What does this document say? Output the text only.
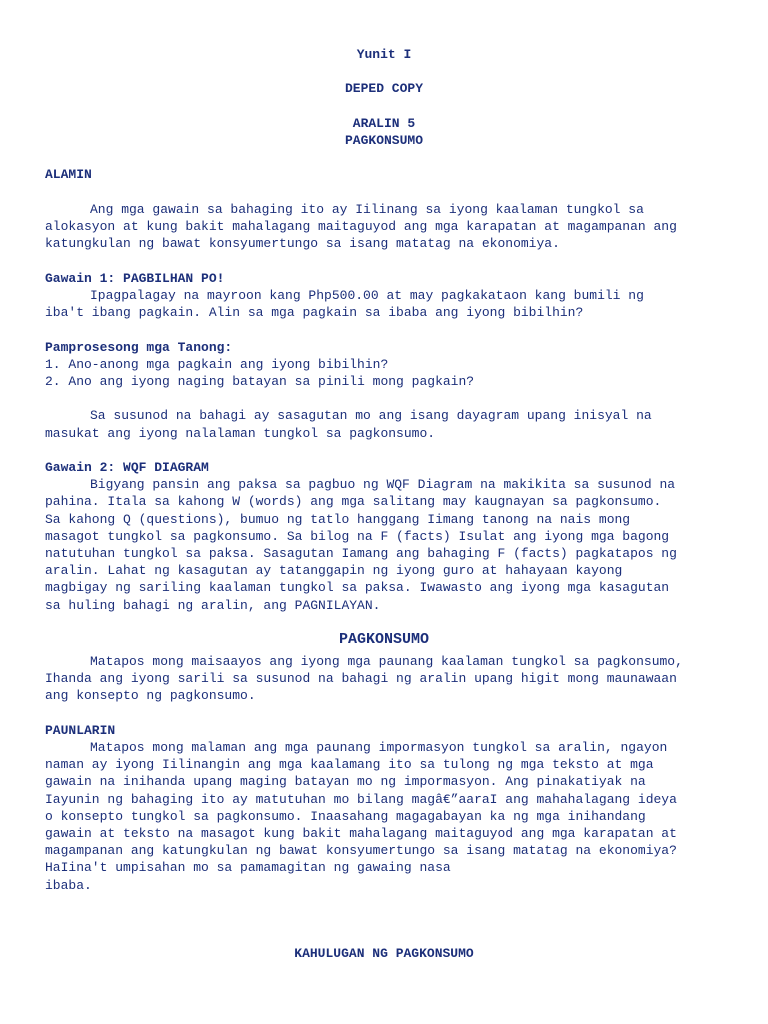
Yunit I
DEPED COPY
ARALIN 5
PAGKONSUMO
ALAMIN
Ang mga gawain sa bahaging ito ay Iilinang sa iyong kaalaman tungkol sa
alokasyon at kung bakit mahalagang maitaguyod ang mga karapatan at magampanan ang
katungkulan ng bawat konsyumertungo sa isang matatag na ekonomiya.
Gawain 1: PAGBILHAN PO!
Ipagpalagay na mayroon kang Php500.00 at may pagkakataon kang bumili ng
iba't ibang pagkain. Alin sa mga pagkain sa ibaba ang iyong bibilhin?
Pamprosesong mga Tanong:
1. Ano-anong mga pagkain ang iyong bibilhin?
2. Ano ang iyong naging batayan sa pinili mong pagkain?
Sa susunod na bahagi ay sasagutan mo ang isang dayagram upang inisyal na
masukat ang iyong nalalaman tungkol sa pagkonsumo.
Gawain 2: WQF DIAGRAM
Bigyang pansin ang paksa sa pagbuo ng WQF Diagram na makikita sa susunod na
pahina. Itala sa kahong W (words) ang mga salitang may kaugnayan sa pagkonsumo.
Sa kahong Q (questions), bumuo ng tatlo hanggang Iimang tanong na nais mong
masagot tungkol sa pagkonsumo. Sa bilog na F (facts) Isulat ang iyong mga bagong
natutuhan tungkol sa paksa. Sasagutan Iamang ang bahaging F (facts) pagkatapos ng
aralin. Lahat ng kasagutan ay tatanggapin ng iyong guro at hahayaan kayong
magbigay ng sariling kaalaman tungkol sa paksa. Iwawasto ang iyong mga kasagutan
sa huling bahagi ng aralin, ang PAGNILAYAN.
PAGKONSUMO
Matapos mong maisaayos ang iyong mga paunang kaalaman tungkol sa pagkonsumo,
Ihanda ang iyong sarili sa susunod na bahagi ng aralin upang higit mong maunawaan
ang konsepto ng pagkonsumo.
PAUNLARIN
Matapos mong malaman ang mga paunang impormasyon tungkol sa aralin, ngayon
naman ay iyong Iilinangin ang mga kaalamang ito sa tulong ng mga teksto at mga
gawain na inihanda upang maging batayan mo ng impormasyon. Ang pinakatiyak na
Iayunin ng bahaging ito ay matutuhan mo bilang magâ€”aaraI ang mahahalagang ideya
o konsepto tungkol sa pagkonsumo. Inaasahang magagabayan ka ng mga inihandang
gawain at teksto na masagot kung bakit mahalagang maitaguyod ang mga karapatan at
magampanan ang katungkulan ng bawat konsyumertungo sa isang matatag na ekonomiya?
HaIina't umpisahan mo sa pamamagitan ng gawaing nasa
ibaba.
KAHULUGAN NG PAGKONSUMO
